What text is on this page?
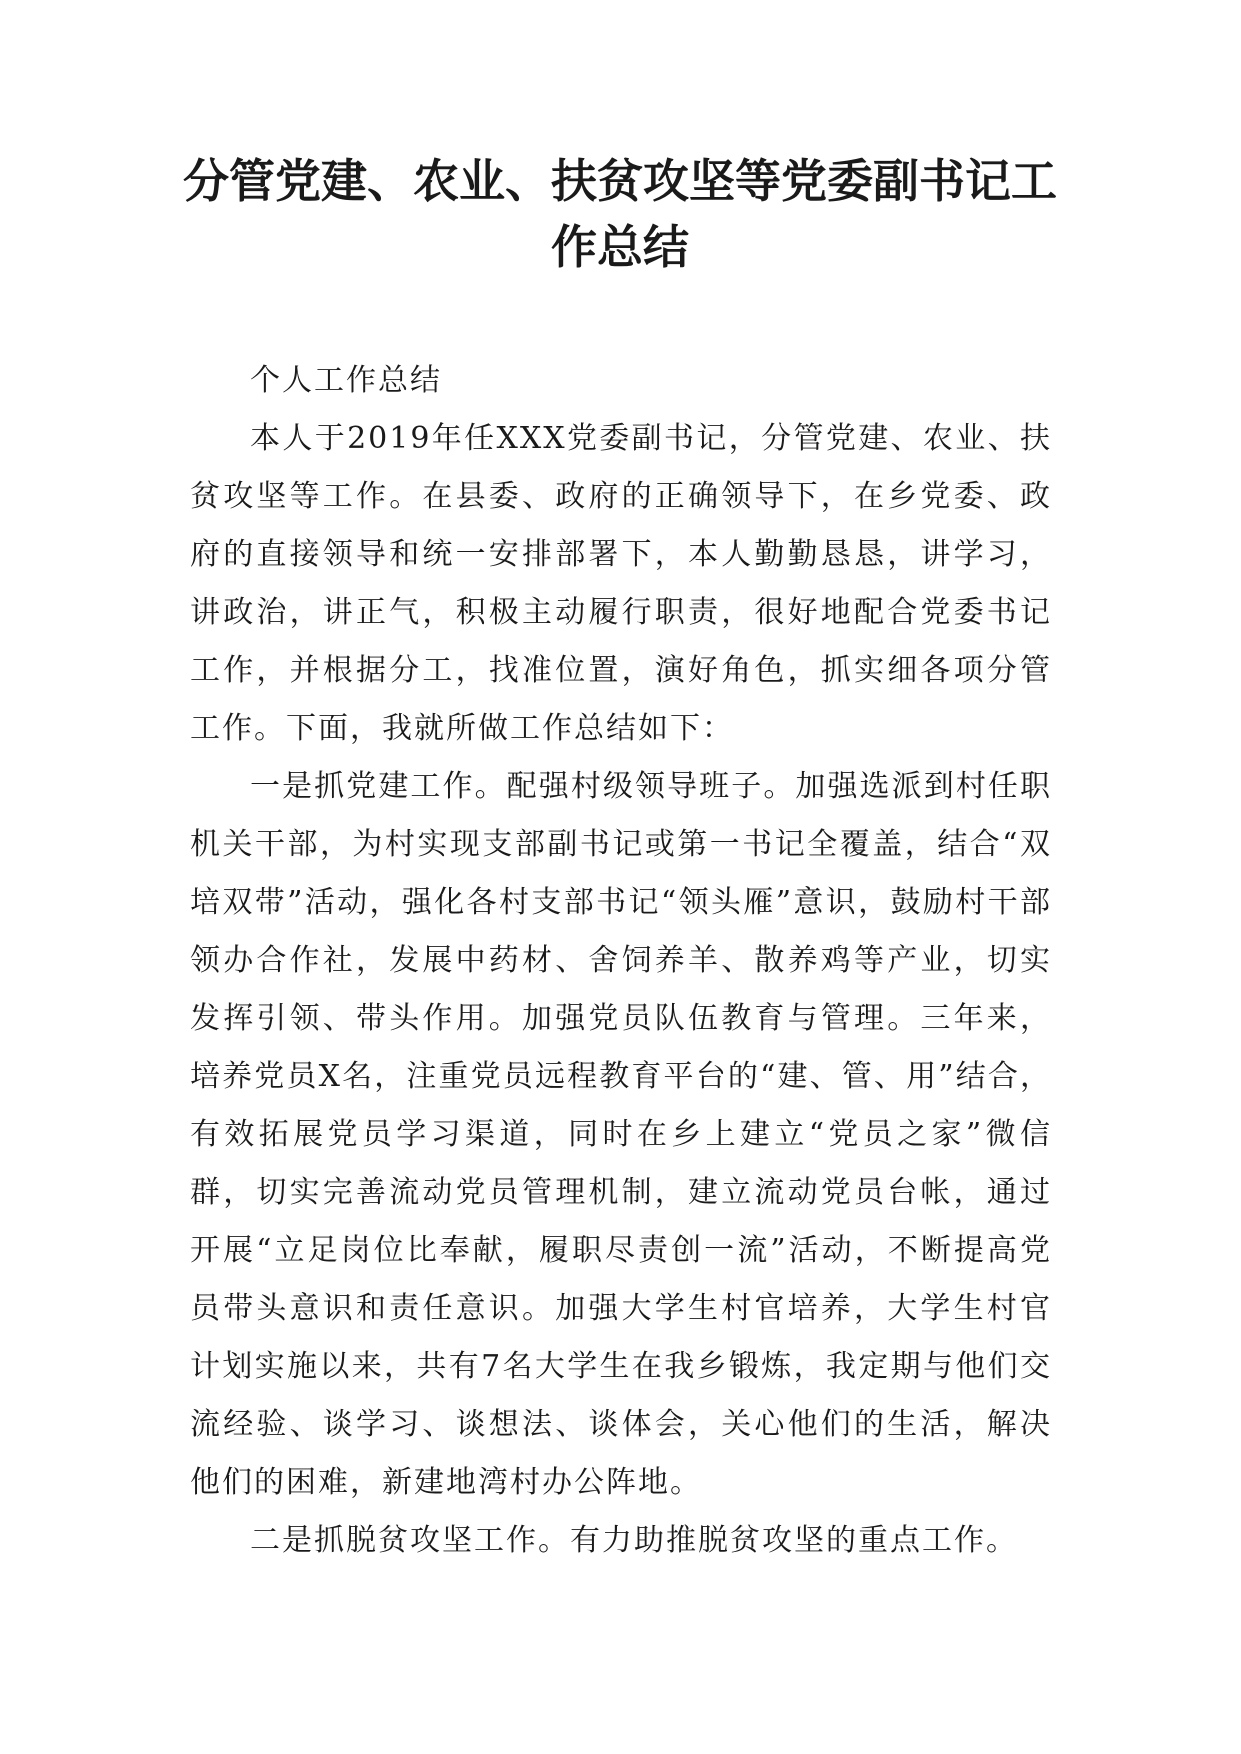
分管党建、农业、扶贫攻坚等党委副书记工
作总结

个人工作总结

本人于2019年任XXX党委副书记，分管党建、农业、扶贫攻坚等工作。在县委、政府的正确领导下，在乡党委、政府的直接领导和统一安排部署下，本人勤勤恳恳，讲学习，讲政治，讲正气，积极主动履行职责，很好地配合党委书记工作，并根据分工，找准位置，演好角色，抓实细各项分管工作。下面，我就所做工作总结如下：

一是抓党建工作。配强村级领导班子。加强选派到村任职机关干部，为村实现支部副书记或第一书记全覆盖，结合“双培双带”活动，强化各村支部书记“领头雁”意识，鼓励村干部领办合作社，发展中药材、舍饲养羊、散养鸡等产业，切实发挥引领、带头作用。加强党员队伍教育与管理。三年来，培养党员X名，注重党员远程教育平台的“建、管、用”结合，有效拓展党员学习渠道，同时在乡上建立“党员之家”微信群，切实完善流动党员管理机制，建立流动党员台帐，通过开展“立足岗位比奉献，履职尽责创一流”活动，不断提高党员带头意识和责任意识。加强大学生村官培养，大学生村官计划实施以来，共有7名大学生在我乡锻炼，我定期与他们交流经验、谈学习、谈想法、谈体会，关心他们的生活，解决他们的困难，新建地湾村办公阵地。

二是抓脱贫攻坚工作。有力助推脱贫攻坚的重点工作。
